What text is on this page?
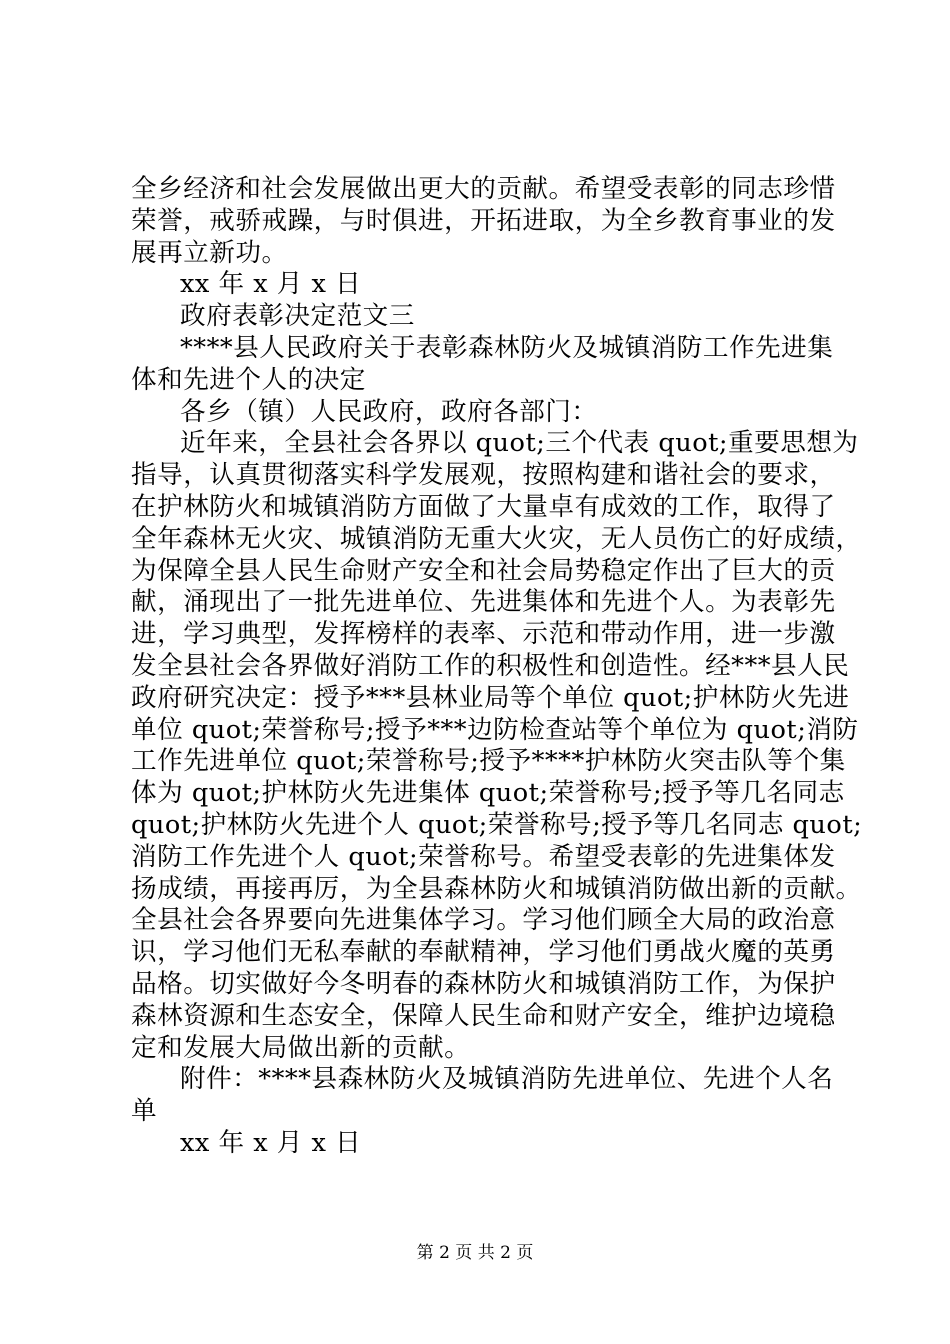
全乡经济和社会发展做出更大的贡献。希望受表彰的同志珍惜
荣誉，戒骄戒躁，与时俱进，开拓进取，为全乡教育事业的发
展再立新功。
xx 年 x 月 x 日
政府表彰决定范文三
****县人民政府关于表彰森林防火及城镇消防工作先进集
体和先进个人的决定
各乡（镇）人民政府，政府各部门：
近年来，全县社会各界以 quot;三个代表 quot;重要思想为
指导，认真贯彻落实科学发展观，按照构建和谐社会的要求，
在护林防火和城镇消防方面做了大量卓有成效的工作，取得了
全年森林无火灾、城镇消防无重大火灾，无人员伤亡的好成绩，
为保障全县人民生命财产安全和社会局势稳定作出了巨大的贡
献，涌现出了一批先进单位、先进集体和先进个人。为表彰先
进，学习典型，发挥榜样的表率、示范和带动作用，进一步激
发全县社会各界做好消防工作的积极性和创造性。经***县人民
政府研究决定：授予***县林业局等个单位 quot;护林防火先进
单位 quot;荣誉称号;授予***边防检查站等个单位为 quot;消防
工作先进单位 quot;荣誉称号;授予****护林防火突击队等个集
体为 quot;护林防火先进集体 quot;荣誉称号;授予等几名同志
quot;护林防火先进个人 quot;荣誉称号;授予等几名同志 quot;
消防工作先进个人 quot;荣誉称号。希望受表彰的先进集体发
扬成绩，再接再厉，为全县森林防火和城镇消防做出新的贡献。
全县社会各界要向先进集体学习。学习他们顾全大局的政治意
识，学习他们无私奉献的奉献精神，学习他们勇战火魔的英勇
品格。切实做好今冬明春的森林防火和城镇消防工作，为保护
森林资源和生态安全，保障人民生命和财产安全，维护边境稳
定和发展大局做出新的贡献。
附件：****县森林防火及城镇消防先进单位、先进个人名
单
xx 年 x 月 x 日
第 2 页 共 2 页
